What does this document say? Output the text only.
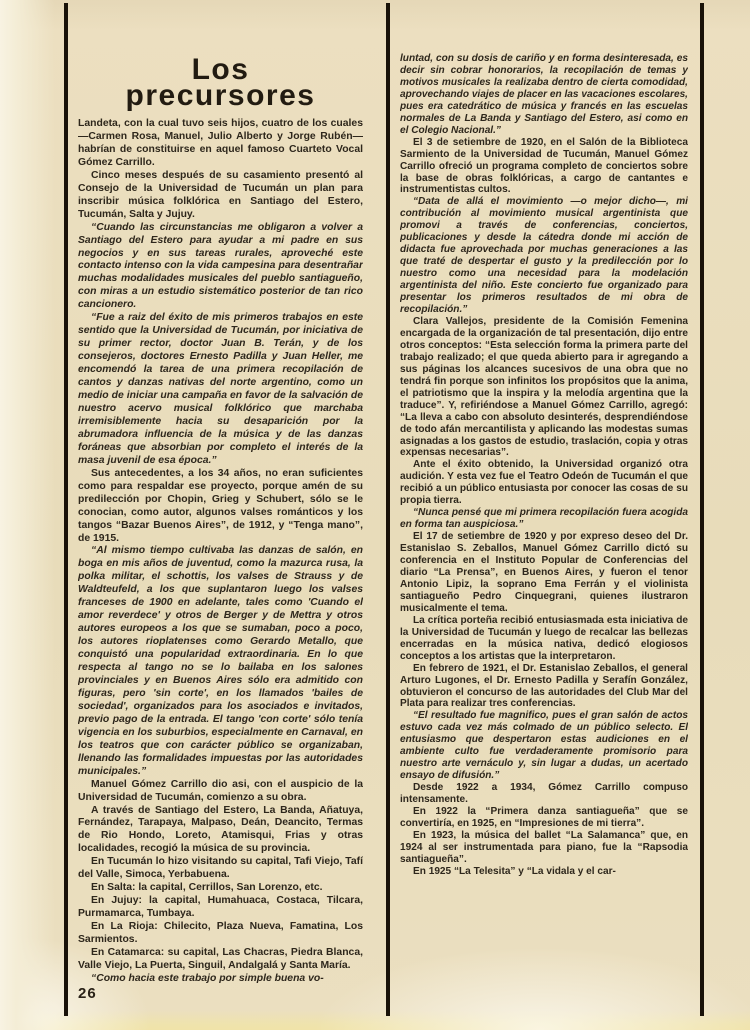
Los
precursores

Landeta, con la cual tuvo seis hijos, cuatro de los cuales —Carmen Rosa, Manuel, Julio Alberto y Jorge Rubén— habrían de constituirse en aquel famoso Cuarteto Vocal Gómez Carrillo.

Cinco meses después de su casamiento presentó al Consejo de la Universidad de Tucumán un plan para inscribir música folklórica en Santiago del Estero, Tucumán, Salta y Jujuy.

“Cuando las circunstancias me obligaron a volver a Santiago del Estero para ayudar a mi padre en sus negocios y en sus tareas rurales, aproveché este contacto intenso con la vida campesina para desentrañar muchas modalidades musicales del pueblo santiagueño, con miras a un estudio sistemático posterior de tan rico cancionero.

“Fue a raiz del éxito de mis primeros trabajos en este sentido que la Universidad de Tucumán, por iniciativa de su primer rector, doctor Juan B. Terán, y de los consejeros, doctores Ernesto Padilla y Juan Heller, me encomendó la tarea de una primera recopilación de cantos y danzas nativas del norte argentino, como un medio de iniciar una campaña en favor de la salvación de nuestro acervo musical folklórico que marchaba irremisiblemente hacia su desaparición por la abrumadora influencia de la música y de las danzas foráneas que absorbian por completo el interés de la masa juvenil de esa época.”

Sus antecedentes, a los 34 años, no eran suficientes como para respaldar ese proyecto, porque amén de su predilección por Chopin, Grieg y Schubert, sólo se le conocian, como autor, algunos valses románticos y los tangos “Bazar Buenos Aires”, de 1912, y “Tenga mano”, de 1915.

“Al mismo tiempo cultivaba las danzas de salón, en boga en mis años de juventud, como la mazurca rusa, la polka militar, el schottis, los valses de Strauss y de Waldteufeld, a los que suplantaron luego los valses franceses de 1900 en adelante, tales como 'Cuando el amor reverdece' y otros de Berger y de Mettra y otros autores europeos a los que se sumaban, poco a poco, los autores rioplatenses como Gerardo Metallo, que conquistó una popularidad extraordinaria. En lo que respecta al tango no se lo bailaba en los salones provinciales y en Buenos Aires sólo era admitido con figuras, pero 'sin corte', en los llamados 'bailes de sociedad', organizados para los asociados e invitados, previo pago de la entrada. El tango 'con corte' sólo tenía vigencia en los suburbios, especialmente en Carnaval, en los teatros que con carácter público se organizaban, llenando las formalidades impuestas por las autoridades municipales.”

Manuel Gómez Carrillo dio asi, con el auspicio de la Universidad de Tucumán, comienzo a su obra.

A través de Santiago del Estero, La Banda, Añatuya, Fernández, Tarapaya, Malpaso, Deán, Deancito, Termas de Rio Hondo, Loreto, Atamisqui, Frias y otras localidades, recogió la música de su provincia.

En Tucumán lo hizo visitando su capital, Tafi Viejo, Tafí del Valle, Simoca, Yerbabuena.

En Salta: la capital, Cerrillos, San Lorenzo, etc.

En Jujuy: la capital, Humahuaca, Costaca, Tilcara, Purmamarca, Tumbaya.

En La Rioja: Chilecito, Plaza Nueva, Famatina, Los Sarmientos.

En Catamarca: su capital, Las Chacras, Piedra Blanca, Valle Viejo, La Puerta, Singuil, Andalgalá y Santa María.

“Como hacia este trabajo por simple buena vo-

luntad, con su dosis de cariño y en forma desinteresada, es decir sin cobrar honorarios, la recopilación de temas y motivos musicales la realizaba dentro de cierta comodidad, aprovechando viajes de placer en las vacaciones escolares, pues era catedrático de música y francés en las escuelas normales de La Banda y Santiago del Estero, asi como en el Colegio Nacional.”

El 3 de setiembre de 1920, en el Salón de la Biblioteca Sarmiento de la Universidad de Tucumán, Manuel Gómez Carrillo ofreció un programa completo de conciertos sobre la base de obras folklóricas, a cargo de cantantes e instrumentistas cultos.

“Data de allá el movimiento —o mejor dicho—, mi contribución al movimiento musical argentinista que promovi a través de conferencias, conciertos, publicaciones y desde la cátedra donde mi acción de didacta fue aprovechada por muchas generaciones a las que traté de despertar el gusto y la predilección por lo nuestro como una necesidad para la modelación argentinista del niño. Este concierto fue organizado para presentar los primeros resultados de mi obra de recopilación.”

Clara Vallejos, presidente de la Comisión Femenina encargada de la organización de tal presentación, dijo entre otros conceptos: “Esta selección forma la primera parte del trabajo realizado; el que queda abierto para ir agregando a sus páginas los alcances sucesivos de una obra que no tendrá fin porque son infinitos los propósitos que la anima, el patriotismo que la inspira y la melodía argentina que la traduce”. Y, refiriéndose a Manuel Gómez Carrillo, agregó: “La lleva a cabo con absoluto desinterés, desprendiéndose de todo afán mercantilista y aplicando las modestas sumas asignadas a los gastos de estudio, traslación, copia y otras expensas necesarias”.

Ante el éxito obtenido, la Universidad organizó otra audición. Y esta vez fue el Teatro Odeón de Tucumán el que recibió a un público entusiasta por conocer las cosas de su propia tierra.

“Nunca pensé que mi primera recopilación fuera acogida en forma tan auspiciosa.”

El 17 de setiembre de 1920 y por expreso deseo del Dr. Estanislao S. Zeballos, Manuel Gómez Carrillo dictó su conferencia en el Instituto Popular de Conferencias del diario “La Prensa”, en Buenos Aires, y fueron el tenor Antonio Lipiz, la soprano Ema Ferrán y el violinista santiagueño Pedro Cinquegrani, quienes ilustraron musicalmente el tema.

La crítica porteña recibió entusiasmada esta iniciativa de la Universidad de Tucumán y luego de recalcar las bellezas encerradas en la música nativa, dedicó elogiosos conceptos a los artistas que la interpretaron.

En febrero de 1921, el Dr. Estanislao Zeballos, el general Arturo Lugones, el Dr. Ernesto Padilla y Serafín González, obtuvieron el concurso de las autoridades del Club Mar del Plata para realizar tres conferencias.

“El resultado fue magnifico, pues el gran salón de actos estuvo cada vez más colmado de un público selecto. El entusiasmo que despertaron estas audiciones en el ambiente culto fue verdaderamente promisorio para nuestro arte vernáculo y, sin lugar a dudas, un acertado ensayo de difusión.”

Desde 1922 a 1934, Gómez Carrillo compuso intensamente.

En 1922 la “Primera danza santiagueña” que se convertiría, en 1925, en “Impresiones de mi tierra”.

En 1923, la música del ballet “La Salamanca” que, en 1924 al ser instrumentada para piano, fue la “Rapsodia santiagueña”.

En 1925 “La Telesita” y “La vidala y el car-

26
